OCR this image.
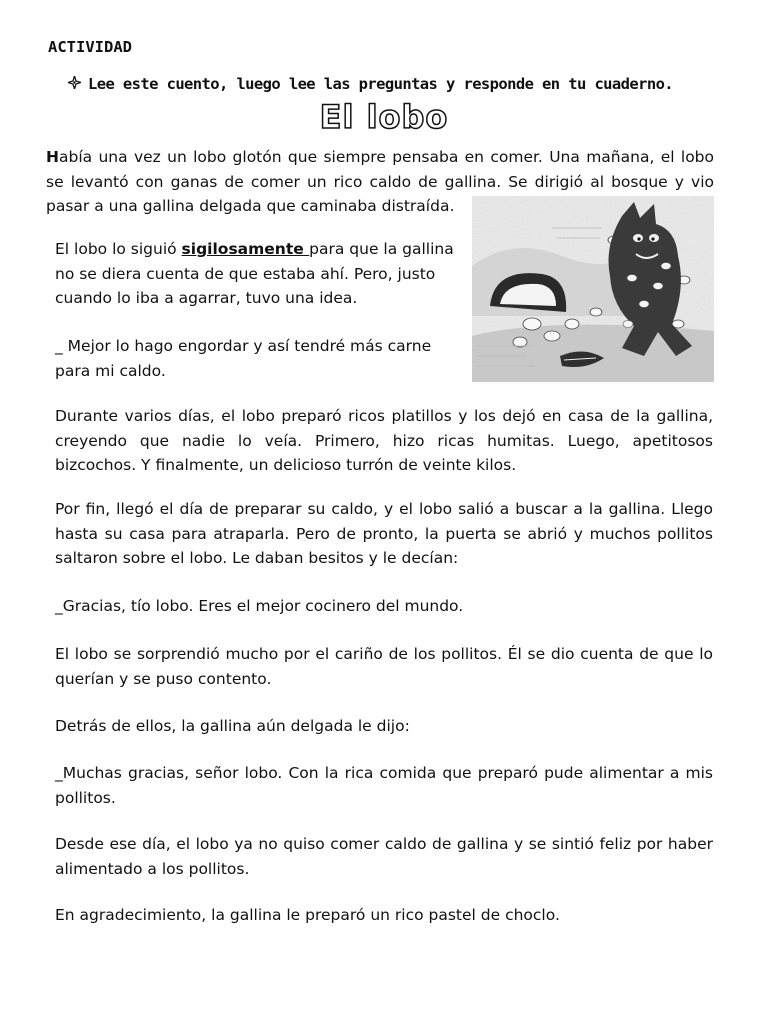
ACTIVIDAD
Lee este cuento, luego lee las preguntas y responde en tu cuaderno.
El lobo

Había una vez un lobo glotón que siempre pensaba en comer. Una mañana, el lobo se levantó con ganas de comer un rico caldo de gallina. Se dirigió al bosque y vio pasar a una gallina delgada que caminaba distraída.

El lobo lo siguió sigilosamente para que la gallina no se diera cuenta de que estaba ahí. Pero, justo cuando lo iba a agarrar, tuvo una idea.

_ Mejor lo hago engordar y así tendré más carne para mi caldo.

Durante varios días, el lobo preparó ricos platillos y los dejó en casa de la gallina, creyendo que nadie lo veía. Primero, hizo ricas humitas. Luego, apetitosos bizcochos. Y finalmente, un delicioso turrón de veinte kilos.

Por fin, llegó el día de preparar su caldo, y el lobo salió a buscar a la gallina. Llego hasta su casa para atraparla. Pero de pronto, la puerta se abrió y muchos pollitos saltaron sobre el lobo. Le daban besitos y le decían:

_Gracias, tío lobo. Eres el mejor cocinero del mundo.

El lobo se sorprendió mucho por el cariño de los pollitos. Él se dio cuenta de que lo querían y se puso contento.

Detrás de ellos, la gallina aún delgada le dijo:

_Muchas gracias, señor lobo. Con la rica comida que preparó pude alimentar a mis pollitos.

Desde ese día, el lobo ya no quiso comer caldo de gallina y se sintió feliz por haber alimentado a los pollitos.

En agradecimiento, la gallina le preparó un rico pastel de choclo.
